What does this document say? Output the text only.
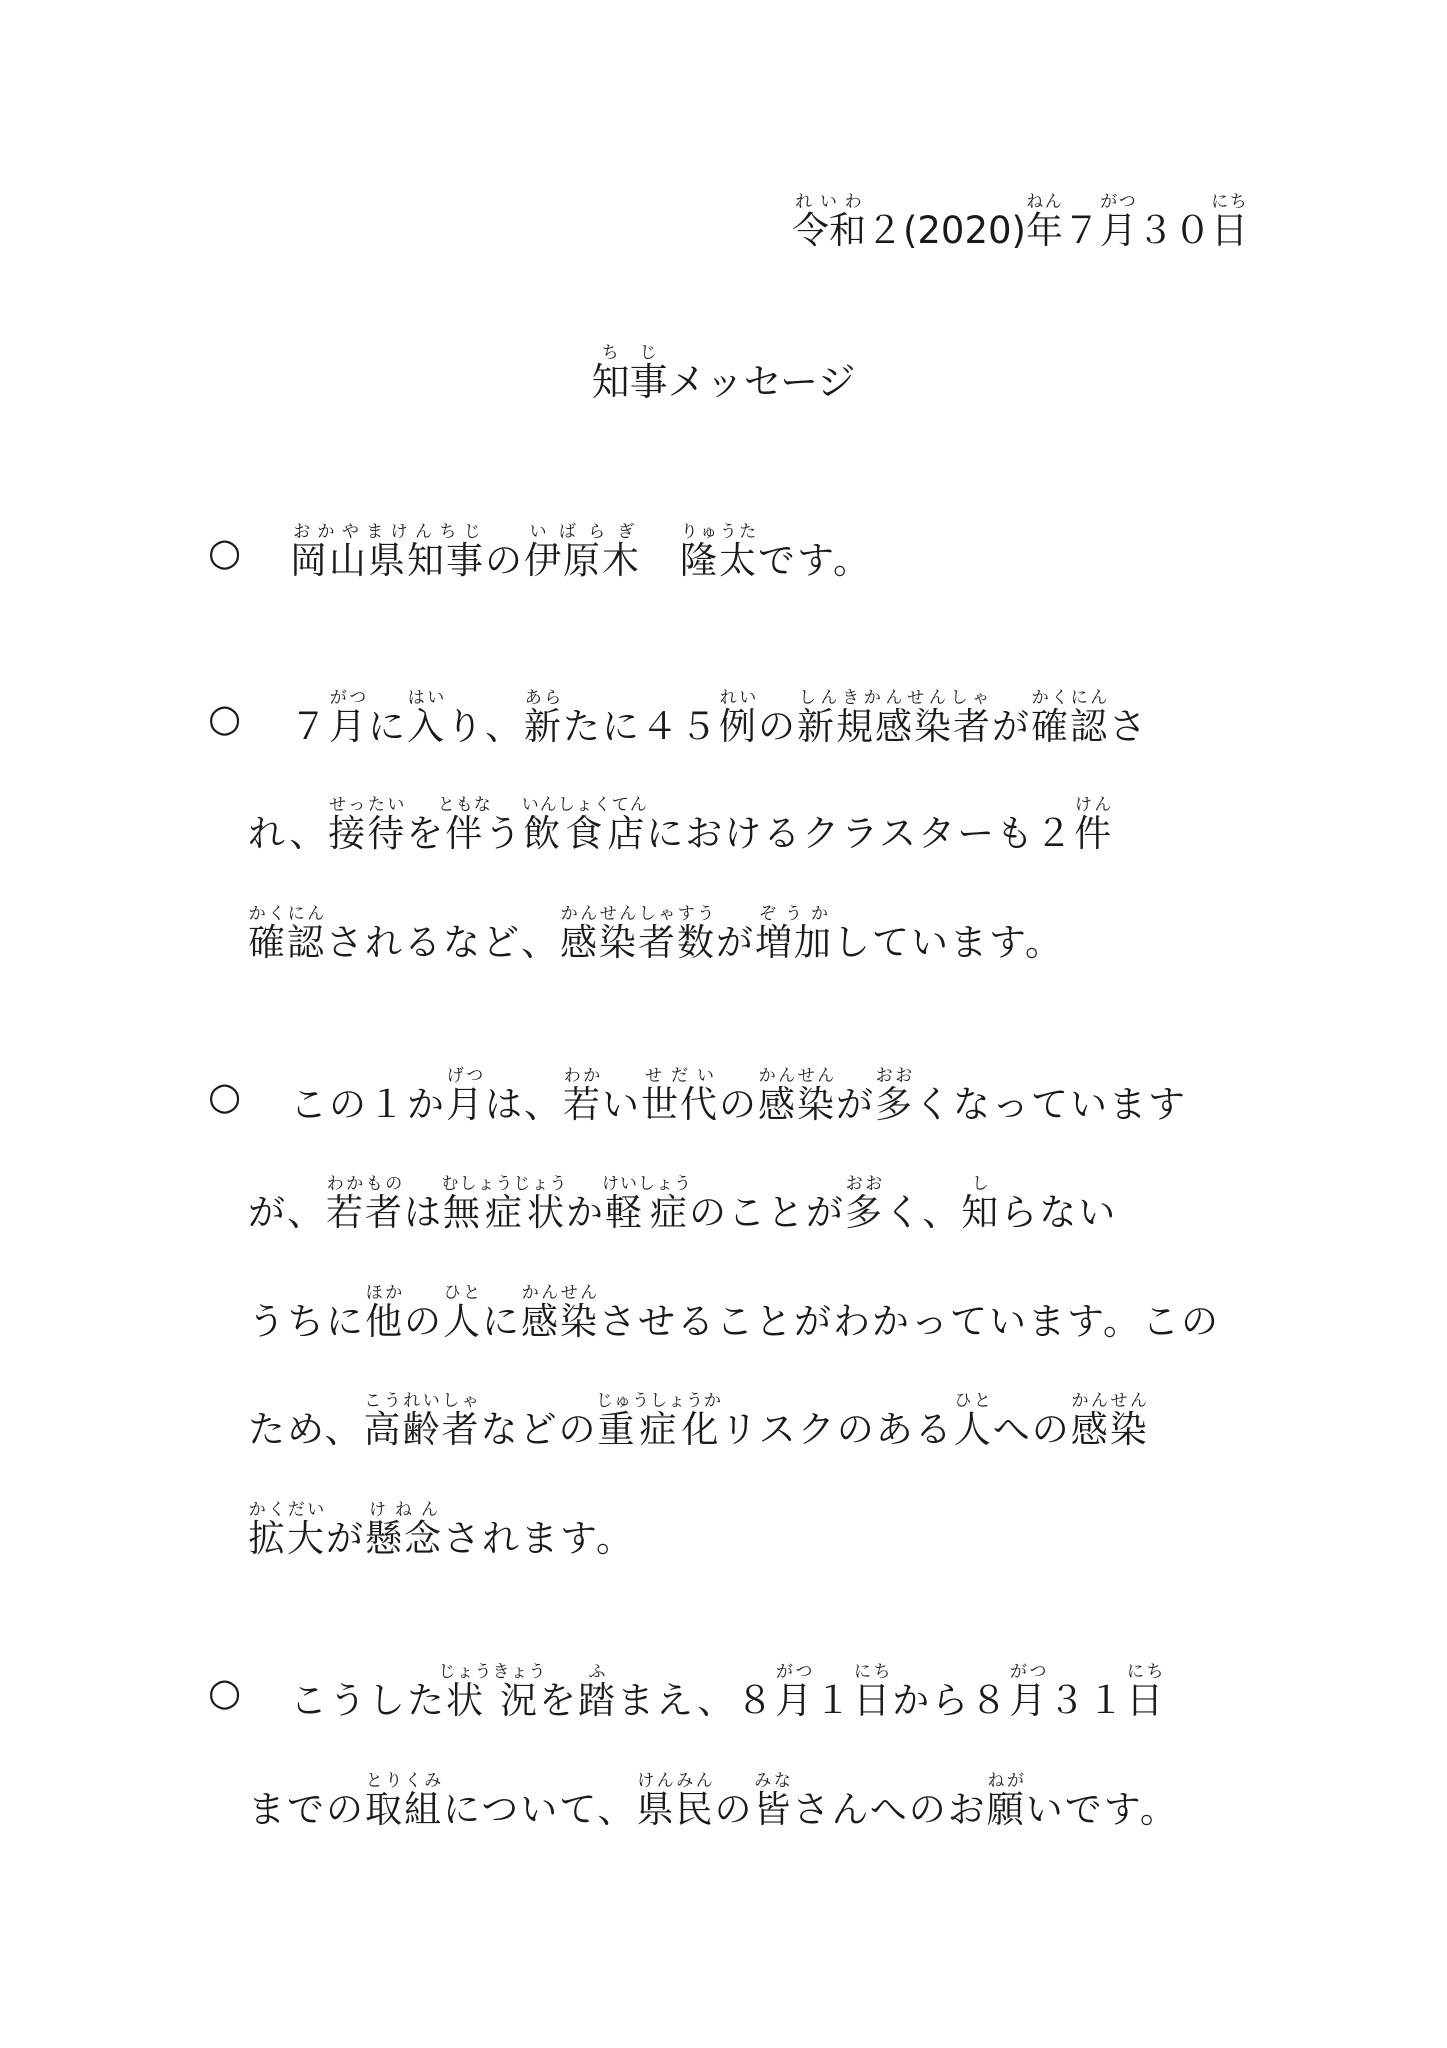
令和れいわ２(2020)年ねん７月がつ３０日にち
知事ちじメッセージ
○ 岡山県知事おかやまけんちじの伊原木いばらぎ　隆太りゅうたです。
○ ７月がつに入はいり、新あらたに４５例れいの新規感染者しんきかんせんしゃが確認かくにんさ
れ、接待せったいを伴ともなう飲食店いんしょくてんにおけるクラスターも２件けん
確認かくにんされるなど、感染者数かんせんしゃすうが増加ぞうかしています。
○ この１か月げつは、若わかい世代せだいの感染かんせんが多おおくなっています
が、若者わかものは無症状むしょうじょうか軽症けいしょうのことが多おおく、知しらない
うちに他ほかの人ひとに感染かんせんさせることがわかっています。この
ため、高齢者こうれいしゃなどの重症化じゅうしょうかリスクのある人ひとへの感染かんせん
拡大かくだいが懸念けねんされます。
○ こうした状況じょうきょうを踏ふまえ、８月がつ１日にちから８月がつ３１日にち
までの取組とりくみについて、県民けんみんの皆みなさんへのお願ねがいです。
